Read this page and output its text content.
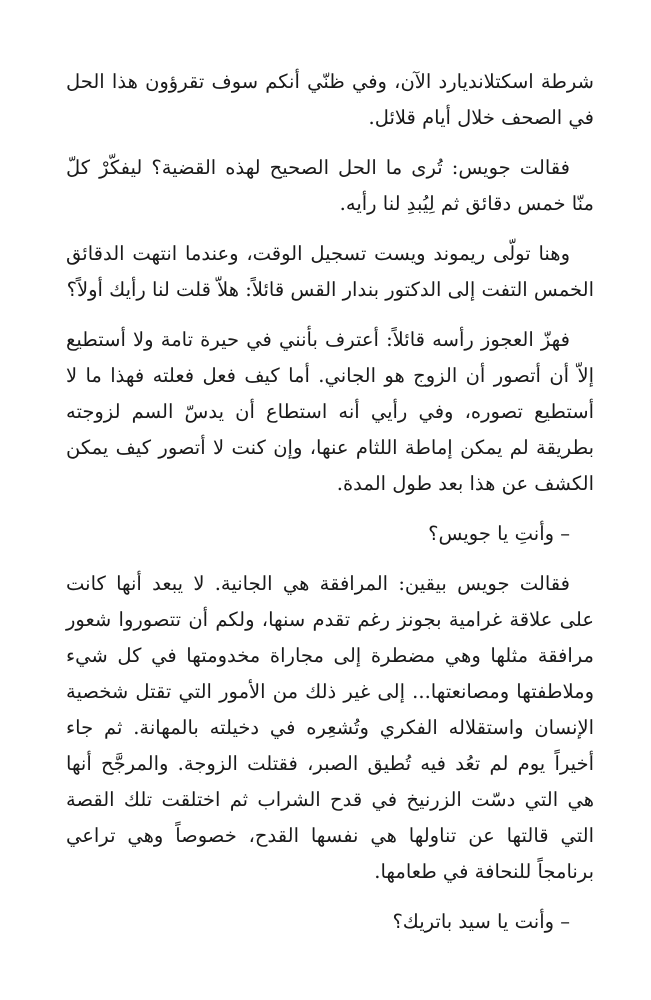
شرطة اسكتلانديارد الآن، وفي ظنّي أنكم سوف تقرؤون هذا الحل في الصحف خلال أيام قلائل.

فقالت جويس: تُرى ما الحل الصحيح لهذه القضية؟ ليفكّرْ كلّ منّا خمس دقائق ثم لِيُبدِ لنا رأيه.

وهنا تولّى ريموند ويست تسجيل الوقت، وعندما انتهت الدقائق الخمس التفت إلى الدكتور بندار القس قائلاً: هلاّ قلت لنا رأيك أولاً؟

فهزّ العجوز رأسه قائلاً: أعترف بأنني في حيرة تامة ولا أستطيع إلاّ أن أتصور أن الزوج هو الجاني. أما كيف فعل فعلته فهذا ما لا أستطيع تصوره، وفي رأيي أنه استطاع أن يدسّ السم لزوجته بطريقة لم يمكن إماطة اللثام عنها، وإن كنت لا أتصور كيف يمكن الكشف عن هذا بعد طول المدة.

– وأنتِ يا جويس؟

فقالت جويس بيقين: المرافقة هي الجانية. لا يبعد أنها كانت على علاقة غرامية بجونز رغم تقدم سنها، ولكم أن تتصوروا شعور مرافقة مثلها وهي مضطرة إلى مجاراة مخدومتها في كل شيء وملاطفتها ومصانعتها... إلى غير ذلك من الأمور التي تقتل شخصية الإنسان واستقلاله الفكري وتُشعِره في دخيلته بالمهانة. ثم جاء أخيراً يوم لم تعُد فيه تُطيق الصبر، فقتلت الزوجة. والمرجَّح أنها هي التي دسّت الزرنيخ في قدح الشراب ثم اختلقت تلك القصة التي قالتها عن تناولها هي نفسها القدح، خصوصاً وهي تراعي برنامجاً للنحافة في طعامها.

– وأنت يا سيد باتريك؟
